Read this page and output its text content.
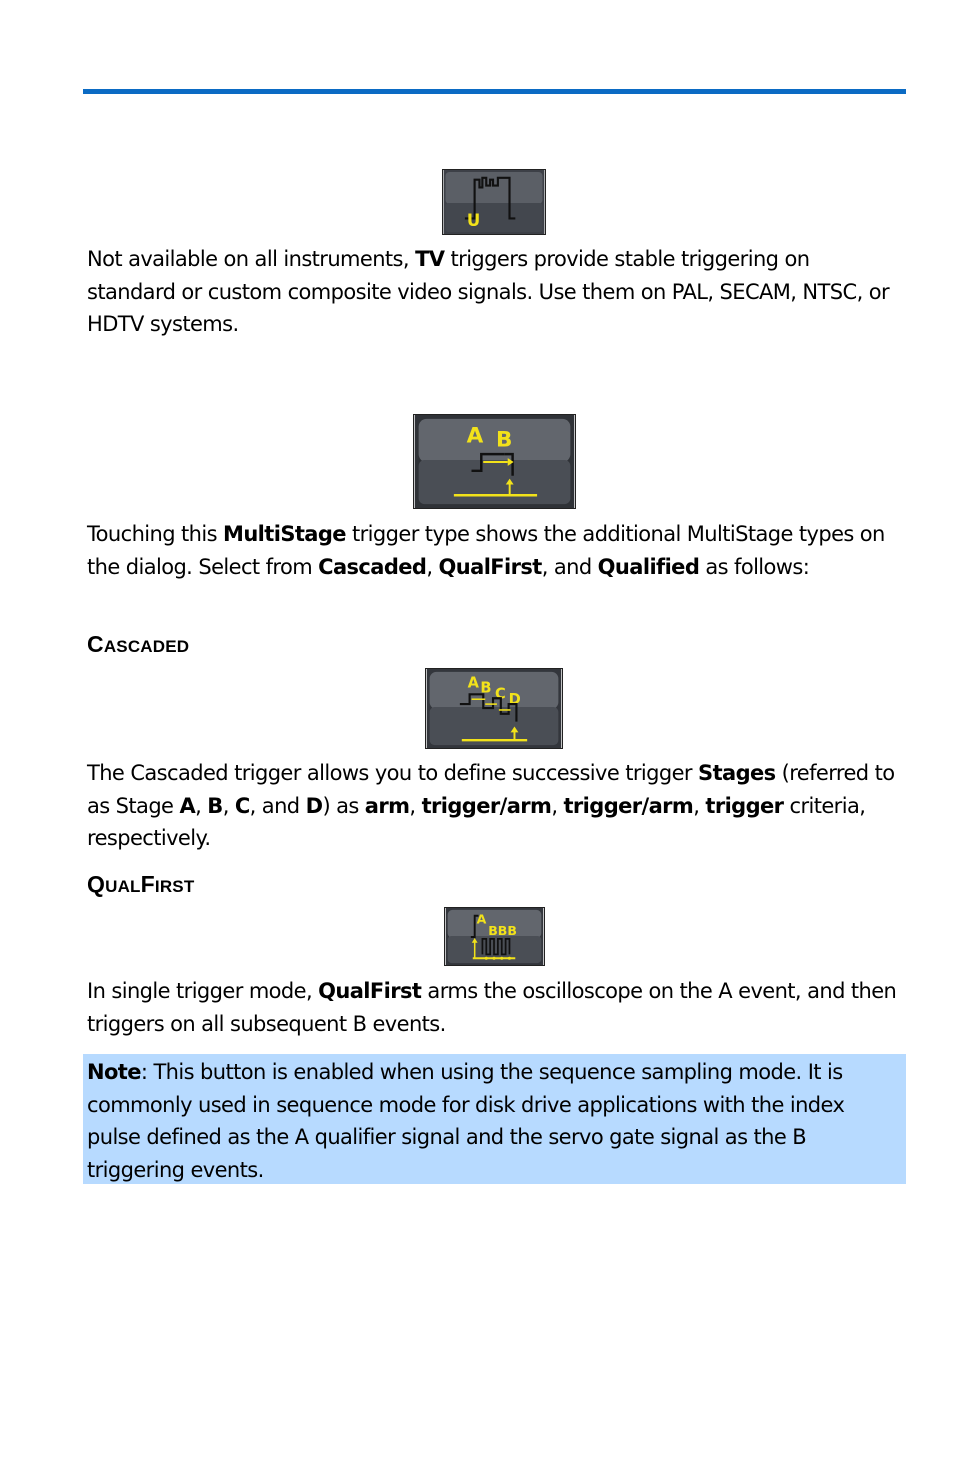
U
Not available on all instruments, TV triggers provide stable triggering on standard or custom composite video signals. Use them on PAL, SECAM, NTSC, or HDTV systems.
A B
Touching this MultiStage trigger type shows the additional MultiStage types on the dialog. Select from Cascaded, QualFirst, and Qualified as follows:
CASCADED
A B C D
The Cascaded trigger allows you to define successive trigger Stages (referred to as Stage A, B, C, and D) as arm, trigger/arm, trigger/arm, trigger criteria, respectively.
QUALFIRST
A
BBB
In single trigger mode, QualFirst arms the oscilloscope on the A event, and then triggers on all subsequent B events.
Note: This button is enabled when using the sequence sampling mode. It is commonly used in sequence mode for disk drive applications with the index pulse defined as the A qualifier signal and the servo gate signal as the B triggering events.
